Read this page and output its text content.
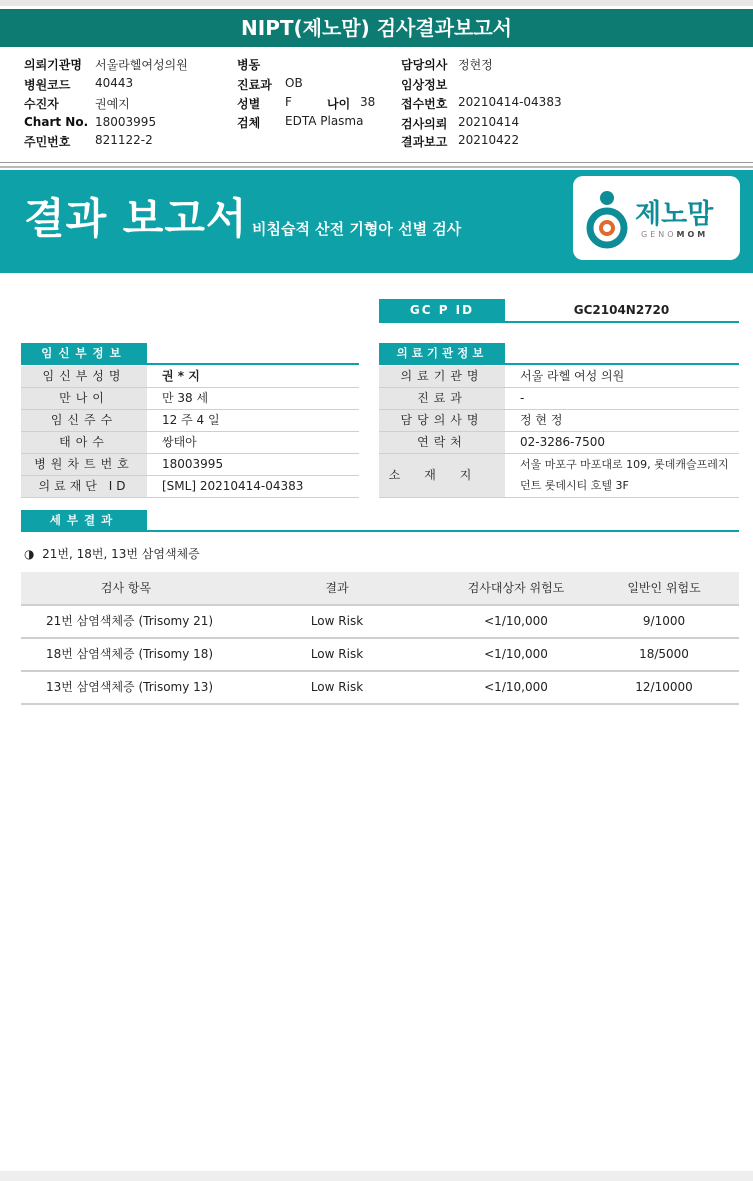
NIPT(제노맘) 검사결과보고서
의뢰기관명 서울라헬여성의원
병원코드 40443
수진자	권예지
Chart No. 18003995
주민번호 821122-2
병동
진료과 OB
성별 F	나이 38
검체 EDTA Plasma
담당의사 정현정
임상정보
접수번호 20210414-04383
검사의뢰 20210414
결과보고 20210422
결과 보고서 비침습적 산전 기형아 선별 검사	제노맘
GENOMOM
GC P ID	GC2104N2720
임신부정보
임신부성명	권 * 지
만나이	만 38 세
임신주수	12 주 4 일
태아수	쌍태아
병원차트번호	18003995
의료재단 ID	[SML] 20210414-04383
의료기관정보
의료기관명	서울 라헬 여성 의원
진료과	-
담당의사명	정 현 정
연락처	02-3286-7500
소재지
서울 마포구 마포대로 109, 롯데캐슬프레지
던트 롯데시티 호텔 3F
세부결과
◑ 21번, 18번, 13번 삼염색체증
검사 항목	결과	검사대상자 위험도	일반인 위험도
21번 삼염색체증 (Trisomy 21)	Low Risk	<1/10,000	9/1000
18번 삼염색체증 (Trisomy 18)	Low Risk	<1/10,000	18/5000
13번 삼염색체증 (Trisomy 13)	Low Risk	<1/10,000	12/10000
